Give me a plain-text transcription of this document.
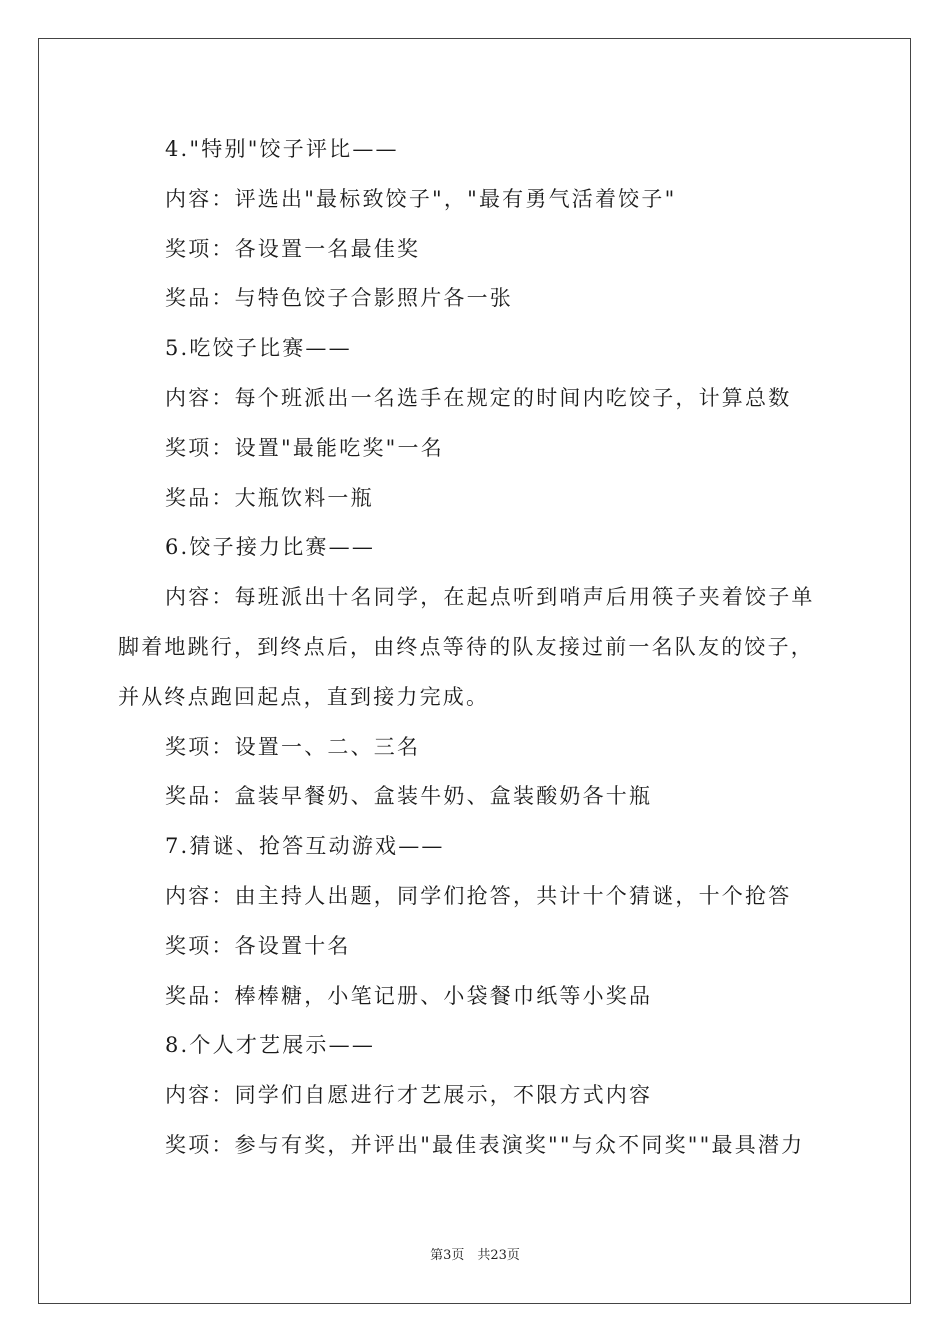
4."特别"饺子评比——
内容：评选出"最标致饺子"，"最有勇气活着饺子"
奖项：各设置一名最佳奖
奖品：与特色饺子合影照片各一张
5.吃饺子比赛——
内容：每个班派出一名选手在规定的时间内吃饺子，计算总数
奖项：设置"最能吃奖"一名
奖品：大瓶饮料一瓶
6.饺子接力比赛——
内容：每班派出十名同学，在起点听到哨声后用筷子夹着饺子单
脚着地跳行，到终点后，由终点等待的队友接过前一名队友的饺子，
并从终点跑回起点，直到接力完成。
奖项：设置一、二、三名
奖品：盒装早餐奶、盒装牛奶、盒装酸奶各十瓶
7.猜谜、抢答互动游戏——
内容：由主持人出题，同学们抢答，共计十个猜谜，十个抢答
奖项：各设置十名
奖品：棒棒糖，小笔记册、小袋餐巾纸等小奖品
8.个人才艺展示——
内容：同学们自愿进行才艺展示，不限方式内容
奖项：参与有奖，并评出"最佳表演奖""与众不同奖""最具潜力
第3页　共23页
